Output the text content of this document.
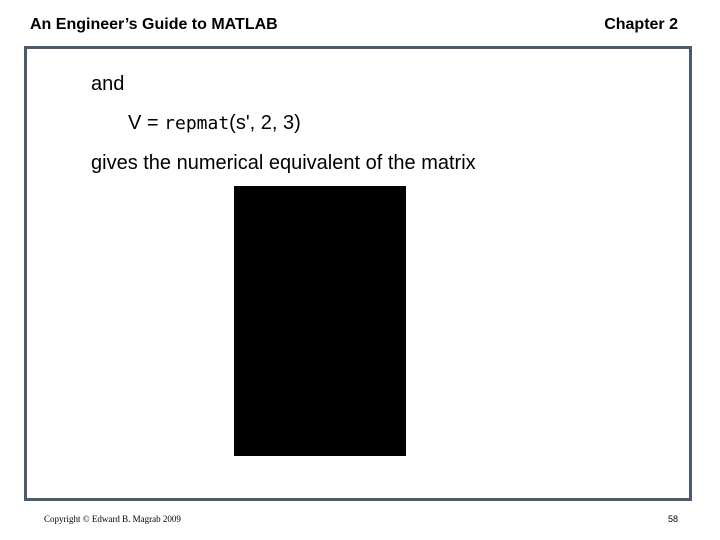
An Engineer’s Guide to MATLAB	Chapter 2
and
V = repmat(s', 2, 3)
gives the numerical equivalent of the matrix
Copyright © Edward B. Magrab 2009	58
